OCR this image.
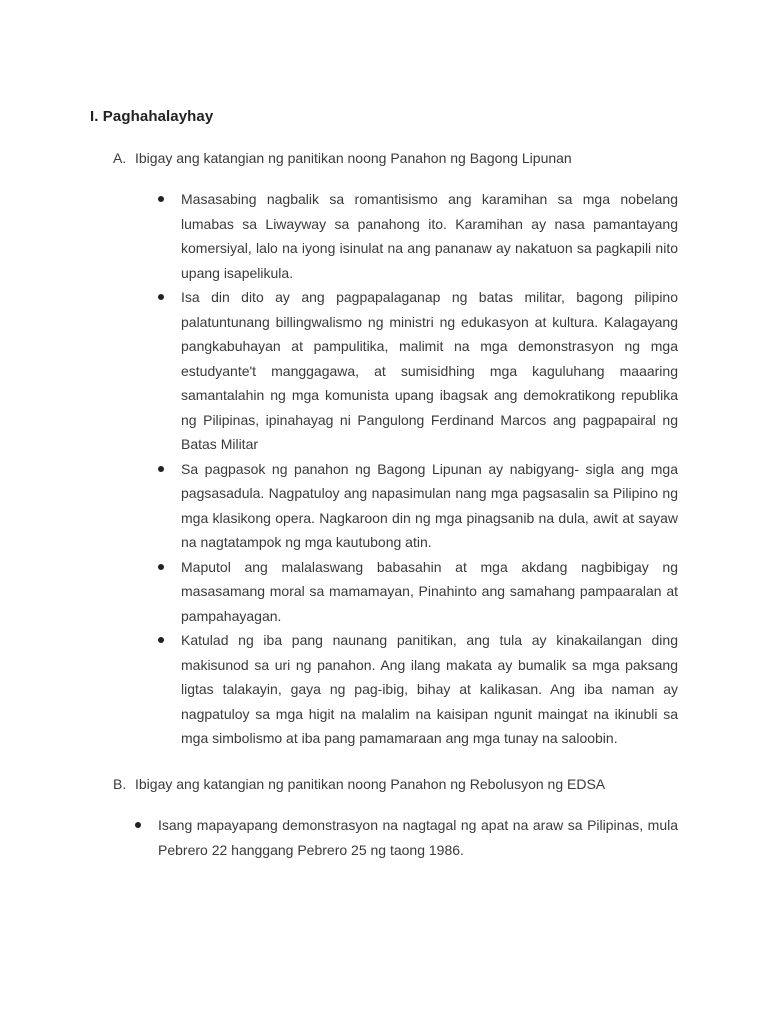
I. Paghahalayhay

A. Ibigay ang katangian ng panitikan noong Panahon ng Bagong Lipunan

Masasabing nagbalik sa romantisismo ang karamihan sa mga nobelang lumabas sa Liwayway sa panahong ito. Karamihan ay nasa pamantayang komersiyal, lalo na iyong isinulat na ang pananaw ay nakatuon sa pagkapili nito upang isapelikula.
Isa din dito ay ang pagpapalaganap ng batas militar, bagong pilipino palatuntunang billingwalismo ng ministri ng edukasyon at kultura. Kalagayang pangkabuhayan at pampulitika, malimit na mga demonstrasyon ng mga estudyante't manggagawa, at sumisidhing mga kaguluhang maaaring samantalahin ng mga komunista upang ibagsak ang demokratikong republika ng Pilipinas, ipinahayag ni Pangulong Ferdinand Marcos ang pagpapairal ng Batas Militar
Sa pagpasok ng panahon ng Bagong Lipunan ay nabigyang- sigla ang mga pagsasadula. Nagpatuloy ang napasimulan nang mga pagsasalin sa Pilipino ng mga klasikong opera. Nagkaroon din ng mga pinagsanib na dula, awit at sayaw na nagtatampok ng mga kautubong atin.
Maputol ang malalaswang babasahin at mga akdang nagbibigay ng masasamang moral sa mamamayan, Pinahinto ang samahang pampaaralan at pampahayagan.
Katulad ng iba pang naunang panitikan, ang tula ay kinakailangan ding makisunod sa uri ng panahon. Ang ilang makata ay bumalik sa mga paksang ligtas talakayin, gaya ng pag-ibig, bihay at kalikasan. Ang iba naman ay nagpatuloy sa mga higit na malalim na kaisipan ngunit maingat na ikinubli sa mga simbolismo at iba pang pamamaraan ang mga tunay na saloobin.

B. Ibigay ang katangian ng panitikan noong Panahon ng Rebolusyon ng EDSA

Isang mapayapang demonstrasyon na nagtagal ng apat na araw sa Pilipinas, mula Pebrero 22 hanggang Pebrero 25 ng taong 1986.
